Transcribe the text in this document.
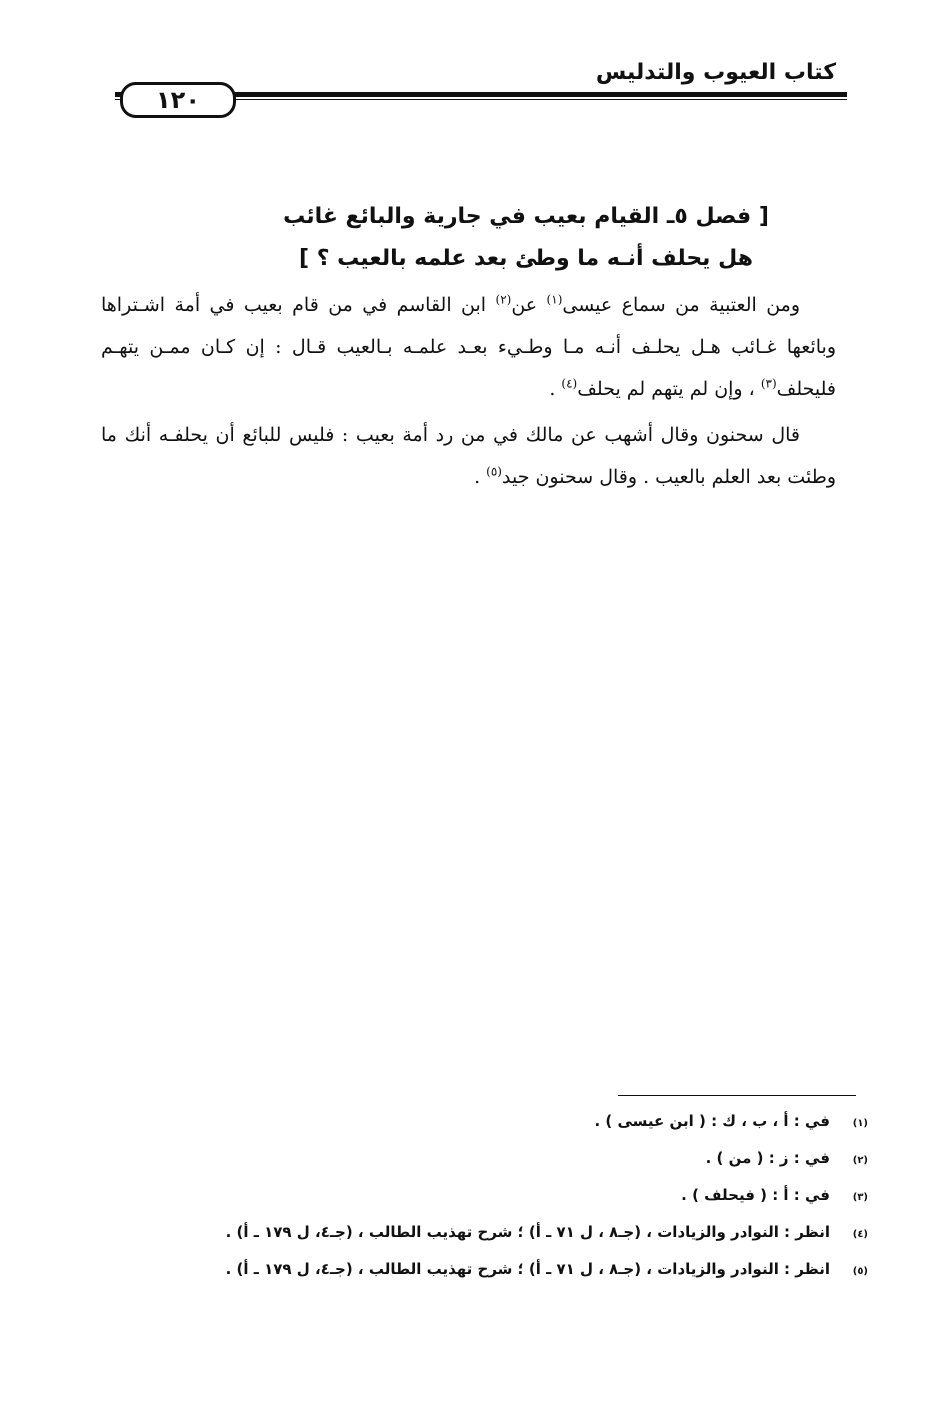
كتاب العيوب والتدليس
١٢٠
[ فصل ٥ـ القيام بعيب في جارية والبائع غائب
هل يحلف أنـه ما وطئ بعد علمه بالعيب ؟ ]

ومن العتبية من سماع عيسى$^{(١)}$ عن$^{(٢)}$ ابن القاسم في من قام بعيب في أمة اشـتراها وبائعها غـائب هـل يحلـف أنـه مـا وطـيء بعـد علمـه بـالعيب قـال : إن كـان ممـن يتهـم فليحلف$^{(٣)}$ ، وإن لم يتهم لم يحلف$^{(٤)}$ .

قال سحنون وقال أشهب عن مالك في من رد أمة بعيب : فليس للبائع أن يحلفـه أنك ما وطئت بعد العلم بالعيب . وقال سحنون جيد$^{(٥)}$ .

(١)
في : أ ، ب ، ك : ( ابن عيسى ) .
(٢)
في : ز : ( من ) .
(٣)
في : أ : ( فيحلف ) .
(٤)
انظر : النوادر والزيادات ، (جـ٨ ، ل ٧١ ـ أ) ؛ شرح تهذيب الطالب ، (جـ٤، ل ١٧٩ ـ أ) .
(٥)
انظر : النوادر والزيادات ، (جـ٨ ، ل ٧١ ـ أ) ؛ شرح تهذيب الطالب ، (جـ٤، ل ١٧٩ ـ أ) .
